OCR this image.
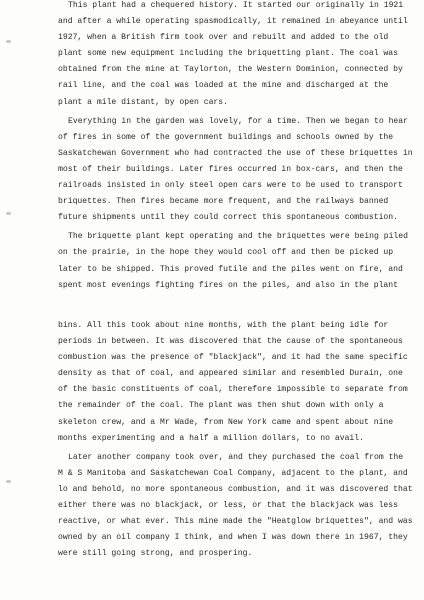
This plant had a chequered history. It started our originally in 1921
and after a while operating spasmodically, it remained in abeyance until
1927, when a British firm took over and rebuilt and added to the old
plant some new equipment including the briquetting plant. The coal was
obtained from the mine at Taylorton, the Western Dominion, connected by
rail line, and the coal was loaded at the mine and discharged at the
plant a mile distant, by open cars.
Everything in the garden was lovely, for a time. Then we began to hear
of fires in some of the government buildings and schools owned by the
Saskatchewan Government who had contracted the use of these briquettes in
most of their buildings. Later fires occurred in box-cars, and then the
railroads insisted in only steel open cars were to be used to transport
briquettes. Then fires became more frequent, and the railways banned
future shipments until they could correct this spontaneous combustion.
The briquette plant kept operating and the briquettes were being piled
on the prairie, in the hope they would cool off and then be picked up
later to be shipped. This proved futile and the piles went on fire, and
spent most evenings fighting fires on the piles, and also in the plant
bins. All this took about nine months, with the plant being idle for
periods in between. It was discovered that the cause of the spontaneous
combustion was the presence of "blackjack", and it had the same specific
density as that of coal, and appeared similar and resembled Durain, one
of the basic constituents of coal, therefore impossible to separate from
the remainder of the coal. The plant was then shut down with only a
skeleton crew, and a Mr Wade, from New York came and spent about nine
months experimenting and a half a million dollars, to no avail.
Later another company took over, and they purchased the coal from the
M & S Manitoba and Saskatchewan Coal Company, adjacent to the plant, and
lo and behold, no more spontaneous combustion, and it was discovered that
either there was no blackjack, or less, or that the blackjack was less
reactive, or what ever. This mine made the "Heatglow briquettes", and was
owned by an oil company I think, and when I was down there in 1967, they
were still going strong, and prospering.
